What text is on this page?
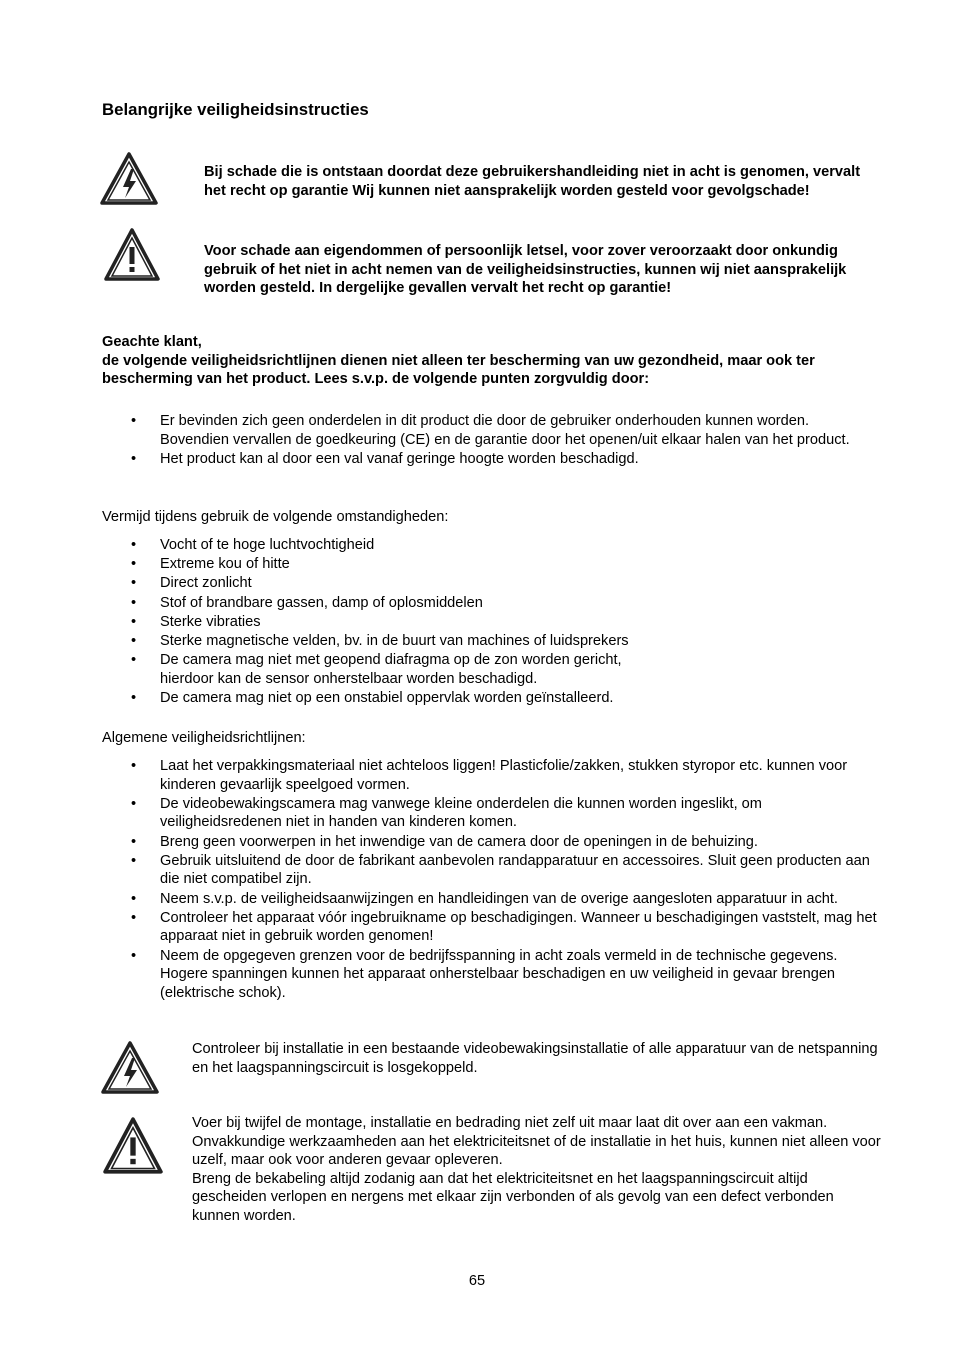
Belangrijke veiligheidsinstructies

Bij schade die is ontstaan doordat deze gebruikershandleiding niet in acht is genomen, vervalt het recht op garantie Wij kunnen niet aansprakelijk worden gesteld voor gevolgschade!

Voor schade aan eigendommen of persoonlijk letsel, voor zover veroorzaakt door onkundig gebruik of het niet in acht nemen van de veiligheidsinstructies, kunnen wij niet aansprakelijk worden gesteld. In dergelijke gevallen vervalt het recht op garantie!

Geachte klant,

de volgende veiligheidsrichtlijnen dienen niet alleen ter bescherming van uw gezondheid, maar ook ter bescherming van het product. Lees s.v.p. de volgende punten zorgvuldig door:

• Er bevinden zich geen onderdelen in dit product die door de gebruiker onderhouden kunnen worden. Bovendien vervallen de goedkeuring (CE) en de garantie door het openen/uit elkaar halen van het product.
• Het product kan al door een val vanaf geringe hoogte worden beschadigd.

Vermijd tijdens gebruik de volgende omstandigheden:

• Vocht of te hoge luchtvochtigheid
• Extreme kou of hitte
• Direct zonlicht
• Stof of brandbare gassen, damp of oplosmiddelen
• Sterke vibraties
• Sterke magnetische velden, bv. in de buurt van machines of luidsprekers
• De camera mag niet met geopend diafragma op de zon worden gericht, hierdoor kan de sensor onherstelbaar worden beschadigd.
• De camera mag niet op een onstabiel oppervlak worden geïnstalleerd.

Algemene veiligheidsrichtlijnen:

• Laat het verpakkingsmateriaal niet achteloos liggen! Plasticfolie/zakken, stukken styropor etc. kunnen voor kinderen gevaarlijk speelgoed vormen.
• De videobewakingscamera mag vanwege kleine onderdelen die kunnen worden ingeslikt, om veiligheidsredenen niet in handen van kinderen komen.
• Breng geen voorwerpen in het inwendige van de camera door de openingen in de behuizing.
• Gebruik uitsluitend de door de fabrikant aanbevolen randapparatuur en accessoires. Sluit geen producten aan die niet compatibel zijn.
• Neem s.v.p. de veiligheidsaanwijzingen en handleidingen van de overige aangesloten apparatuur in acht.
• Controleer het apparaat vóór ingebruikname op beschadigingen. Wanneer u beschadigingen vaststelt, mag het apparaat niet in gebruik worden genomen!
• Neem de opgegeven grenzen voor de bedrijfsspanning in acht zoals vermeld in de technische gegevens. Hogere spanningen kunnen het apparaat onherstelbaar beschadigen en uw veiligheid in gevaar brengen (elektrische schok).

Controleer bij installatie in een bestaande videobewakingsinstallatie of alle apparatuur van de netspanning en het laagspanningscircuit is losgekoppeld.

Voer bij twijfel de montage, installatie en bedrading niet zelf uit maar laat dit over aan een vakman. Onvakkundige werkzaamheden aan het elektriciteitsnet of de installatie in het huis, kunnen niet alleen voor uzelf, maar ook voor anderen gevaar opleveren.

Breng de bekabeling altijd zodanig aan dat het elektriciteitsnet en het laagspanningscircuit altijd gescheiden verlopen en nergens met elkaar zijn verbonden of als gevolg van een defect verbonden kunnen worden.

65
